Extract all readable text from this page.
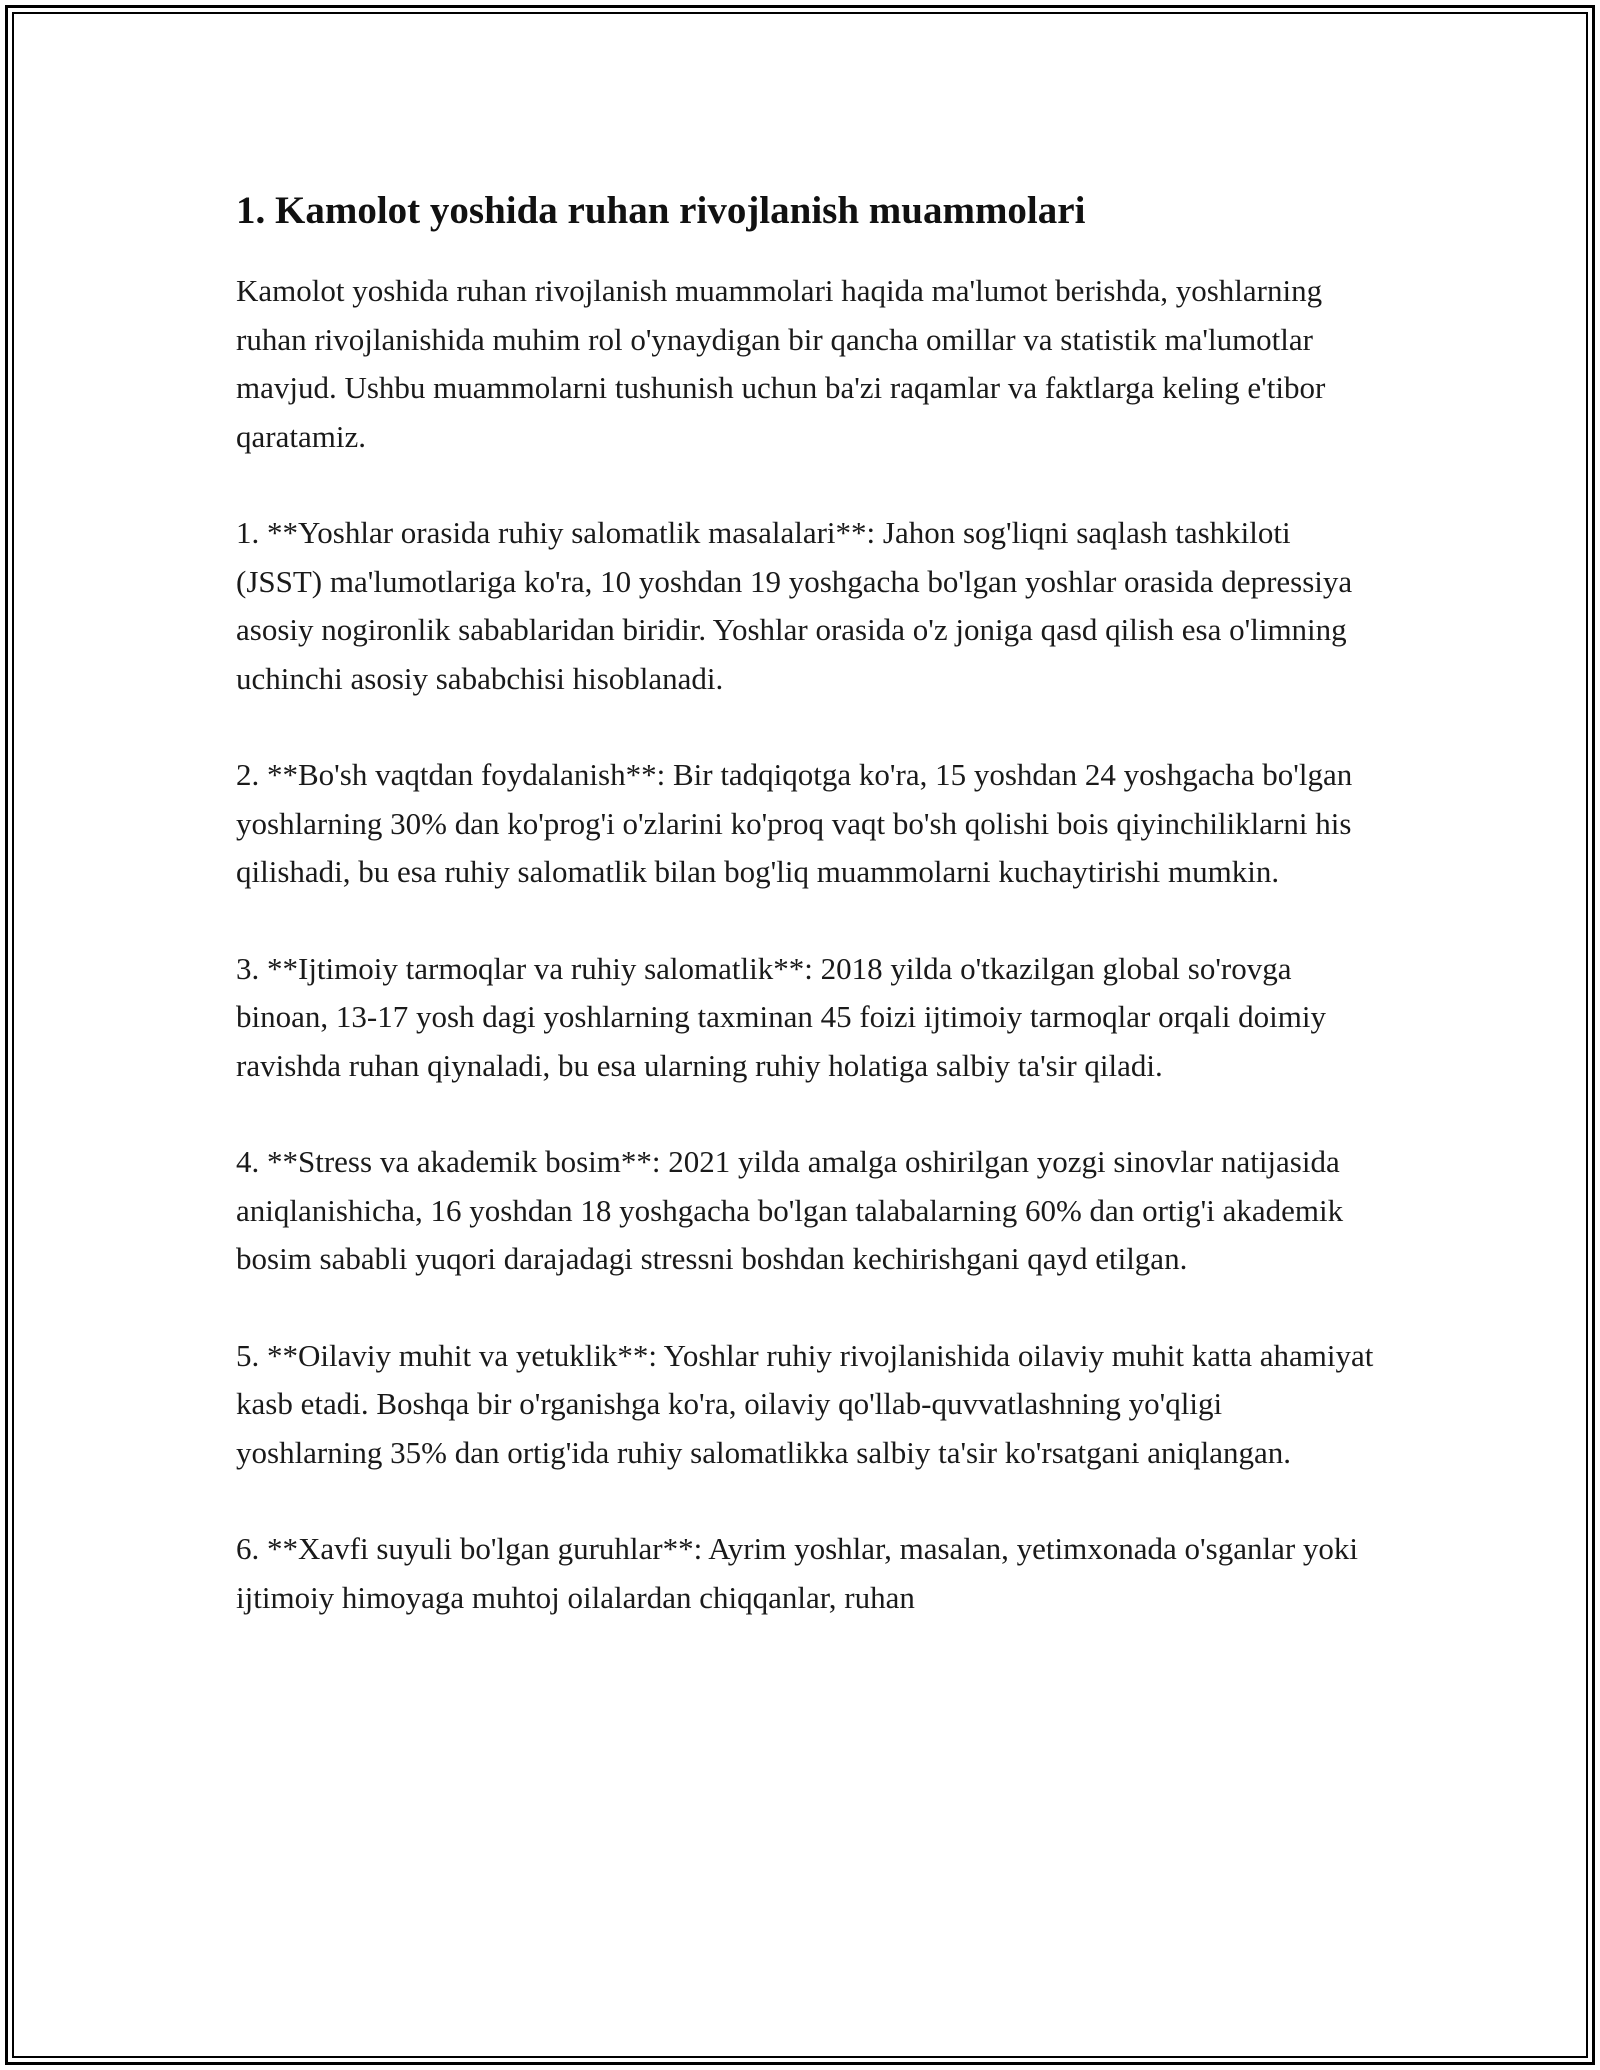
1. Kamolot yoshida ruhan rivojlanish muammolari

Kamolot yoshida ruhan rivojlanish muammolari haqida ma'lumot berishda, yoshlarning ruhan rivojlanishida muhim rol o'ynaydigan bir qancha omillar va statistik ma'lumotlar mavjud. Ushbu muammolarni tushunish uchun ba'zi raqamlar va faktlarga keling e'tibor qaratamiz.

1. **Yoshlar orasida ruhiy salomatlik masalalari**: Jahon sog'liqni saqlash tashkiloti (JSST) ma'lumotlariga ko'ra, 10 yoshdan 19 yoshgacha bo'lgan yoshlar orasida depressiya asosiy nogironlik sabablaridan biridir. Yoshlar orasida o'z joniga qasd qilish esa o'limning uchinchi asosiy sababchisi hisoblanadi.

2. **Bo'sh vaqtdan foydalanish**: Bir tadqiqotga ko'ra, 15 yoshdan 24 yoshgacha bo'lgan yoshlarning 30% dan ko'prog'i o'zlarini ko'proq vaqt bo'sh qolishi bois qiyinchiliklarni his qilishadi, bu esa ruhiy salomatlik bilan bog'liq muammolarni kuchaytirishi mumkin.

3. **Ijtimoiy tarmoqlar va ruhiy salomatlik**: 2018 yilda o'tkazilgan global so'rovga binoan, 13-17 yosh dagi yoshlarning taxminan 45 foizi ijtimoiy tarmoqlar orqali doimiy ravishda ruhan qiynaladi, bu esa ularning ruhiy holatiga salbiy ta'sir qiladi.

4. **Stress va akademik bosim**: 2021 yilda amalga oshirilgan yozgi sinovlar natijasida aniqlanishicha, 16 yoshdan 18 yoshgacha bo'lgan talabalarning 60% dan ortig'i akademik bosim sababli yuqori darajadagi stressni boshdan kechirishgani qayd etilgan.

5. **Oilaviy muhit va yetuklik**: Yoshlar ruhiy rivojlanishida oilaviy muhit katta ahamiyat kasb etadi. Boshqa bir o'rganishga ko'ra, oilaviy qo'llab-quvvatlashning yo'qligi yoshlarning 35% dan ortig'ida ruhiy salomatlikka salbiy ta'sir ko'rsatgani aniqlangan.

6. **Xavfi suyuli bo'lgan guruhlar**: Ayrim yoshlar, masalan, yetimxonada o'sganlar yoki ijtimoiy himoyaga muhtoj oilalardan chiqqanlar, ruhan
